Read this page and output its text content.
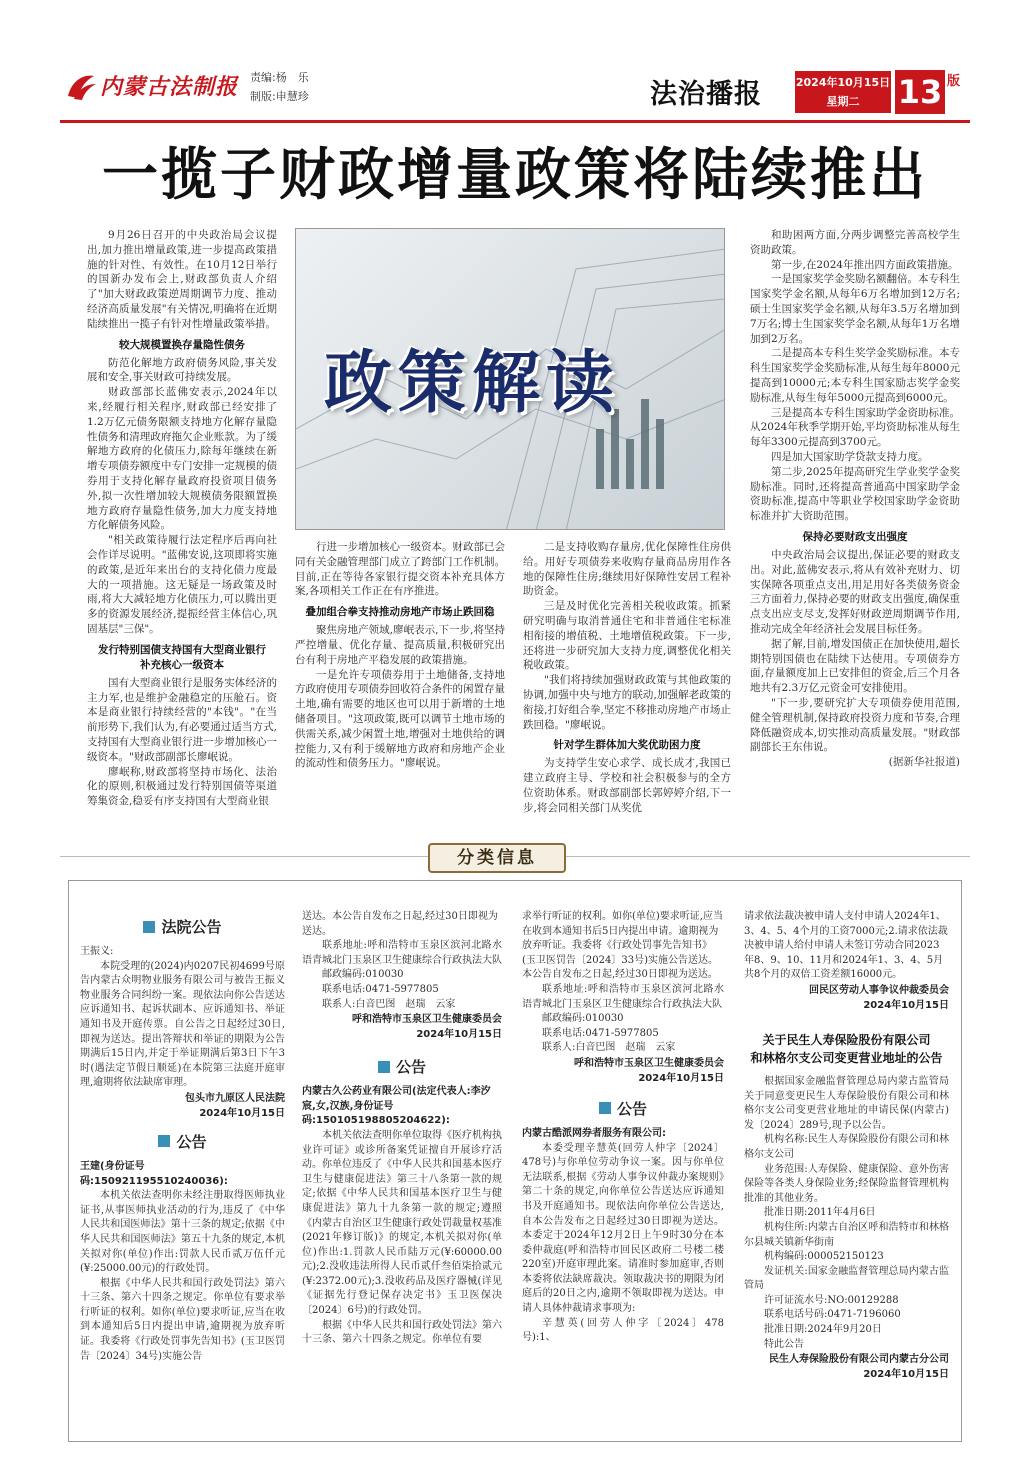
内蒙古法制报 责编:杨　乐
制版:申慧珍	法治播报	2024年10月15日
星期二	13 版
一揽子财政增量政策将陆续推出
9月26日召开的中央政治局会议提出,加力推出增量政策,进一步提高政策措施的针对性、有效性。在10月12日举行的国新办发布会上,财政部负责人介绍了"加大财政政策逆周期调节力度、推动经济高质量发展"有关情况,明确将在近期陆续推出一揽子有针对性增量政策举措。
较大规模置换存量隐性债务
防范化解地方政府债务风险,事关发展和安全,事关财政可持续发展。
财政部部长蓝佛安表示,2024年以来,经履行相关程序,财政部已经安排了1.2万亿元债务限额支持地方化解存量隐性债务和清理政府拖欠企业账款。为了缓解地方政府的化债压力,除每年继续在新增专项债券额度中专门安排一定规模的债券用于支持化解存量政府投资项目债务外,拟一次性增加较大规模债务限额置换地方政府存量隐性债务,加大力度支持地方化解债务风险。
"相关政策待履行法定程序后再向社会作详尽说明。"蓝佛安说,这项即将实施的政策,是近年来出台的支持化债力度最大的一项措施。这无疑是一场政策及时雨,将大大减轻地方化债压力,可以腾出更多的资源发展经济,提振经营主体信心,巩固基层"三保"。
发行特别国债支持国有大型商业银行
补充核心一级资本
国有大型商业银行是服务实体经济的主力军,也是维护金融稳定的压舱石。资本是商业银行持续经营的"本钱"。"在当前形势下,我们认为,有必要通过适当方式,支持国有大型商业银行进一步增加核心一级资本。"财政部副部长廖岷说。
廖岷称,财政部将坚持市场化、法治化的原则,积极通过发行特别国债等渠道筹集资金,稳妥有序支持国有大型商业银
政策解读
行进一步增加核心一级资本。财政部已会同有关金融管理部门成立了跨部门工作机制。目前,正在等待各家银行提交资本补充具体方案,各项相关工作正在有序推进。
叠加组合拳支持推动房地产市场止跌回稳
聚焦房地产领域,廖岷表示,下一步,将坚持严控增量、优化存量、提高质量,积极研究出台有利于房地产平稳发展的政策措施。
一是允许专项债券用于土地储备,支持地方政府使用专项债券回收符合条件的闲置存量土地,确有需要的地区也可以用于新增的土地储备项目。"这项政策,既可以调节土地市场的供需关系,减少闲置土地,增强对土地供给的调控能力,又有利于缓解地方政府和房地产企业的流动性和债务压力。"廖岷说。
二是支持收购存量房,优化保障性住房供给。用好专项债券来收购存量商品房用作各地的保障性住房;继续用好保障性安居工程补助资金。
三是及时优化完善相关税收政策。抓紧研究明确与取消普通住宅和非普通住宅标准相衔接的增值税、土地增值税政策。下一步,还将进一步研究加大支持力度,调整优化相关税收政策。
"我们将持续加强财政政策与其他政策的协调,加强中央与地方的联动,加强解老政策的衔接,打好组合拳,坚定不移推动房地产市场止跌回稳。"廖岷说。
针对学生群体加大奖优助困力度
为支持学生安心求学、成长成才,我国已建立政府主导、学校和社会积极参与的全方位资助体系。财政部副部长郭婷婷介绍,下一步,将会同相关部门从奖优
和助困两方面,分两步调整完善高校学生资助政策。
第一步,在2024年推出四方面政策措施。
一是国家奖学金奖励名额翻倍。本专科生国家奖学金名额,从每年6万名增加到12万名;硕士生国家奖学金名额,从每年3.5万名增加到7万名;博士生国家奖学金名额,从每年1万名增加到2万名。
二是提高本专科生奖学金奖励标准。本专科生国家奖学金奖励标准,从每生每年8000元提高到10000元;本专科生国家励志奖学金奖励标准,从每生每年5000元提高到6000元。
三是提高本专科生国家助学金资助标准。从2024年秋季学期开始,平均资助标准从每生每年3300元提高到3700元。
四是加大国家助学贷款支持力度。
第二步,2025年提高研究生学业奖学金奖励标准。同时,还将提高普通高中国家助学金资助标准,提高中等职业学校国家助学金资助标准并扩大资助范围。
保持必要财政支出强度
中央政治局会议提出,保证必要的财政支出。对此,蓝佛安表示,将从有效补充财力、切实保障各项重点支出,用足用好各类债务资金三方面着力,保持必要的财政支出强度,确保重点支出应支尽支,发挥好财政逆周期调节作用,推动完成全年经济社会发展目标任务。
据了解,目前,增发国债正在加快使用,超长期特别国债也在陆续下达使用。专项债券方面,存量额度加上已安排但的资金,后三个月各地共有2.3万亿元资金可安排使用。
"下一步,要研究扩大专项债券使用范围,健全管理机制,保持政府投资力度和节奏,合理降低融资成本,切实推动高质量发展。"财政部副部长王东伟说。
(据新华社报道)
分类信息
法院公告
王振义:
本院受理的(2024)内0207民初4699号原告内蒙古众明物业服务有限公司与被告王振义物业服务合同纠纷一案。现依法向你公告送达应诉通知书、起诉状副本、应诉通知书、举证通知书及开庭传票。自公告之日起经过30日,即视为送达。提出答辩状和举证的期限为公告期满后15日内,并定于举证期满后第3日下午3时(遇法定节假日顺延)在本院第三法庭开庭审理,逾期将依法缺席审理。
包头市九原区人民法院
2024年10月15日
公告
王建(身份证号码:150921195510240036):
本机关依法查明你未经注册取得医师执业证书,从事医师执业活动的行为,违反了《中华人民共和国医师法》第十三条的规定;依据《中华人民共和国医师法》第五十九条的规定,本机关拟对你(单位)作出:罚款人民币贰万伍仟元(¥:25000.00元)的行政处罚。
根据《中华人民共和国行政处罚法》第六十三条、第六十四条之规定。你单位有要求举行听证的权利。如你(单位)要求听证,应当在收到本通知后5日内提出申请,逾期视为放弃听证。我委将《行政处罚事先告知书》(玉卫医罚告〔2024〕34号)实施公告
送达。本公告自发布之日起,经过30日即视为送达。
联系地址:呼和浩特市玉泉区滨河北路水语青城北门玉泉区卫生健康综合行政执法大队
邮政编码:010030
联系电话:0471-5977805
联系人:白音巴图　赵瑞　云家
呼和浩特市玉泉区卫生健康委员会
2024年10月15日
公告
内蒙古久公药业有限公司(法定代表人:李汐宸,女,汉族,身份证号码:150105198805204622):
本机关依法查明你单位取得《医疗机构执业许可证》或诊所备案凭证擅自开展诊疗活动。你单位违反了《中华人民共和国基本医疗卫生与健康促进法》第三十八条第一款的规定;依据《中华人民共和国基本医疗卫生与健康促进法》第九十九条第一款的规定;遵照《内蒙古自治区卫生健康行政处罚裁量权基准(2021年修订版)》的规定,本机关拟对你(单位)作出:1.罚款人民币陆万元(¥:60000.00元);2.没收违法所得人民币贰仟叁佰柒拾贰元(¥:2372.00元);3.没收药品及医疗器械(详见《证据先行登记保存决定书》玉卫医保决〔2024〕6号)的行政处罚。
根据《中华人民共和国行政处罚法》第六十三条、第六十四条之规定。你单位有要
求举行听证的权利。如你(单位)要求听证,应当在收到本通知书后5日内提出申请。逾期视为放弃听证。我委将《行政处罚事先告知书》(玉卫医罚告〔2024〕33号)实施公告送达。本公告自发布之日起,经过30日即视为送达。
联系地址:呼和浩特市玉泉区滨河北路水语青城北门玉泉区卫生健康综合行政执法大队
邮政编码:010030
联系电话:0471-5977805
联系人:白音巴图　赵瑞　云家
呼和浩特市玉泉区卫生健康委员会
2024年10月15日
公告
内蒙古酷派网券者服务有限公司:
本委受理辛慧英(回劳人仲字〔2024〕478号)与你单位劳动争议一案。因与你单位无法联系,根据《劳动人事争议仲裁办案规则》第二十条的规定,向你单位公告送达应诉通知书及开庭通知书。现依法向你单位公告送达,自本公告发布之日起经过30日即视为送达。本委定于2024年12月2日上午9时30分在本委仲裁庭(呼和浩特市回民区政府二号楼二楼220室)开庭审理此案。请准时参加庭审,否则本委将依法缺席裁决。领取裁决书的期限为闭庭后的20日之内,逾期不领取即视为送达。申请人具体仲裁请求事项为:
辛慧英(回劳人仲字〔2024〕478号):1、
请求依法裁决被申请人支付申请人2024年1、3、4、5、4个月的工资7000元;2.请求依法裁决被申请人给付申请人未签订劳动合同2023年8、9、10、11月和2024年1、3、4、5月共8个月的双倍工资差额16000元。
回民区劳动人事争议仲裁委员会
2024年10月15日
关于民生人寿保险股份有限公司
和林格尔支公司变更营业地址的公告
根据国家金融监督管理总局内蒙古监管局关于同意变更民生人寿保险股份有限公司和林格尔支公司变更营业地址的申请民保(内蒙古)发〔2024〕289号,现予以公告。
机构名称:民生人寿保险股份有限公司和林格尔支公司
业务范围:人寿保险、健康保险、意外伤害保险等各类人身保险业务;经保险监督管理机构批准的其他业务。
批准日期:2011年4月6日
机构住所:内蒙古自治区呼和浩特市和林格尔县城关镇新华街南
机构编码:000052150123
发证机关:国家金融监督管理总局内蒙古监管局
许可证流水号:NO:00129288
联系电话号码:0471-7196060
批准日期:2024年9月20日
特此公告
民生人寿保险股份有限公司内蒙古分公司
2024年10月15日
